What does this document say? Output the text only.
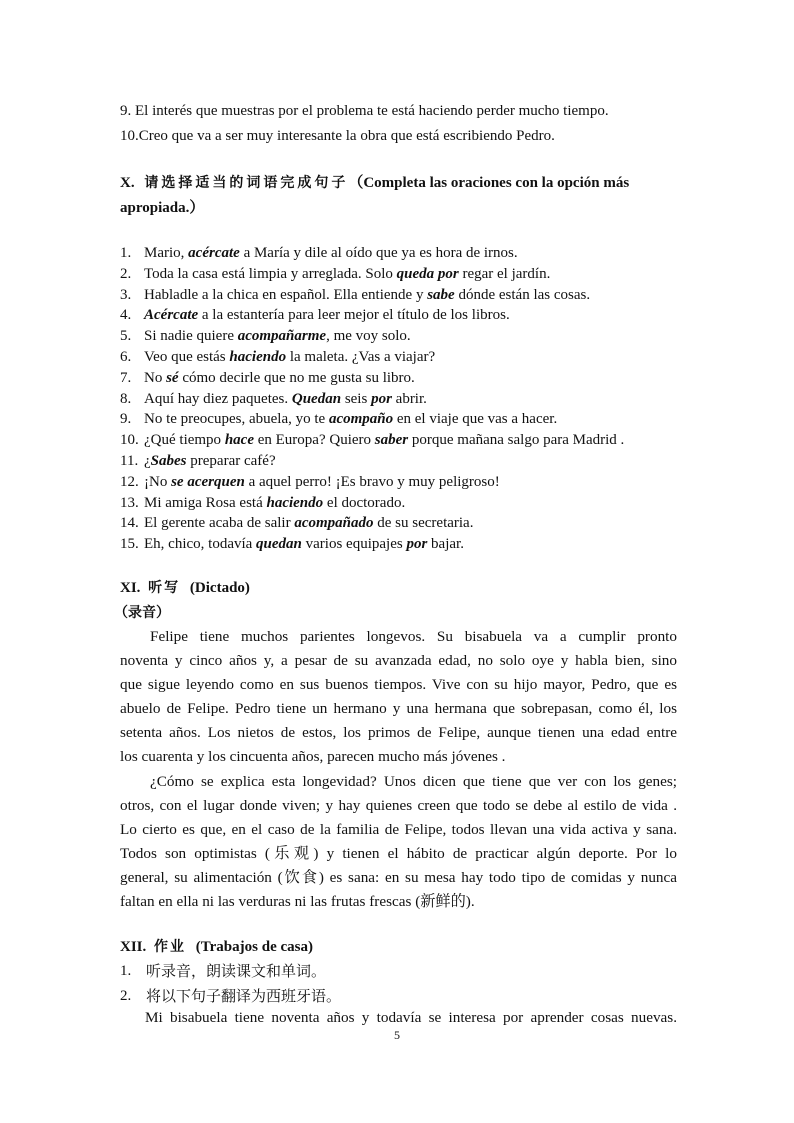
9. El interés que muestras por el problema te está haciendo perder mucho tiempo.
10.Creo que va a ser muy interesante la obra que está escribiendo Pedro.
X. 请选择适当的词语完成句子（Completa las oraciones con la opción más
apropiada.）
1. Mario, acércate a María y dile al oído que ya es hora de irnos.
2. Toda la casa está limpia y arreglada. Solo queda por regar el jardín.
3. Habladle a la chica en español. Ella entiende y sabe dónde están las cosas.
4. Acércate a la estantería para leer mejor el título de los libros.
5. Si nadie quiere acompañarme, me voy solo.
6. Veo que estás haciendo la maleta. ¿Vas a viajar?
7. No sé cómo decirle que no me gusta su libro.
8. Aquí hay diez paquetes. Quedan seis por abrir.
9. No te preocupes, abuela, yo te acompaño en el viaje que vas a hacer.
10. ¿Qué tiempo hace en Europa? Quiero saber porque mañana salgo para Madrid .
11. ¿Sabes preparar café?
12. ¡No se acerquen a aquel perro! ¡Es bravo y muy peligroso!
13. Mi amiga Rosa está haciendo el doctorado.
14. El gerente acaba de salir acompañado de su secretaria.
15. Eh, chico, todavía quedan varios equipajes por bajar.
XI. 听写 (Dictado)
（录音）
Felipe tiene muchos parientes longevos. Su bisabuela va a cumplir pronto
noventa y cinco años y, a pesar de su avanzada edad, no solo oye y habla bien, sino
que sigue leyendo como en sus buenos tiempos. Vive con su hijo mayor, Pedro, que es
abuelo de Felipe. Pedro tiene un hermano y una hermana que sobrepasan, como él, los
setenta años. Los nietos de estos, los primos de Felipe, aunque tienen una edad entre
los cuarenta y los cincuenta años, parecen mucho más jóvenes .
¿Cómo se explica esta longevidad? Unos dicen que tiene que ver con los genes;
otros, con el lugar donde viven; y hay quienes creen que todo se debe al estilo de vida .
Lo cierto es que, en el caso de la familia de Felipe, todos llevan una vida activa y sana.
Todos son optimistas (乐观) y tienen el hábito de practicar algún deporte. Por lo
general, su alimentación (饮食) es sana: en su mesa hay todo tipo de comidas y nunca
faltan en ella ni las verduras ni las frutas frescas (新鲜的).
XII. 作业 (Trabajos de casa)
1. 听录音，朗读课文和单词。
2. 将以下句子翻译为西班牙语。
Mi bisabuela tiene noventa años y todavía se interesa por aprender cosas nuevas.
5
